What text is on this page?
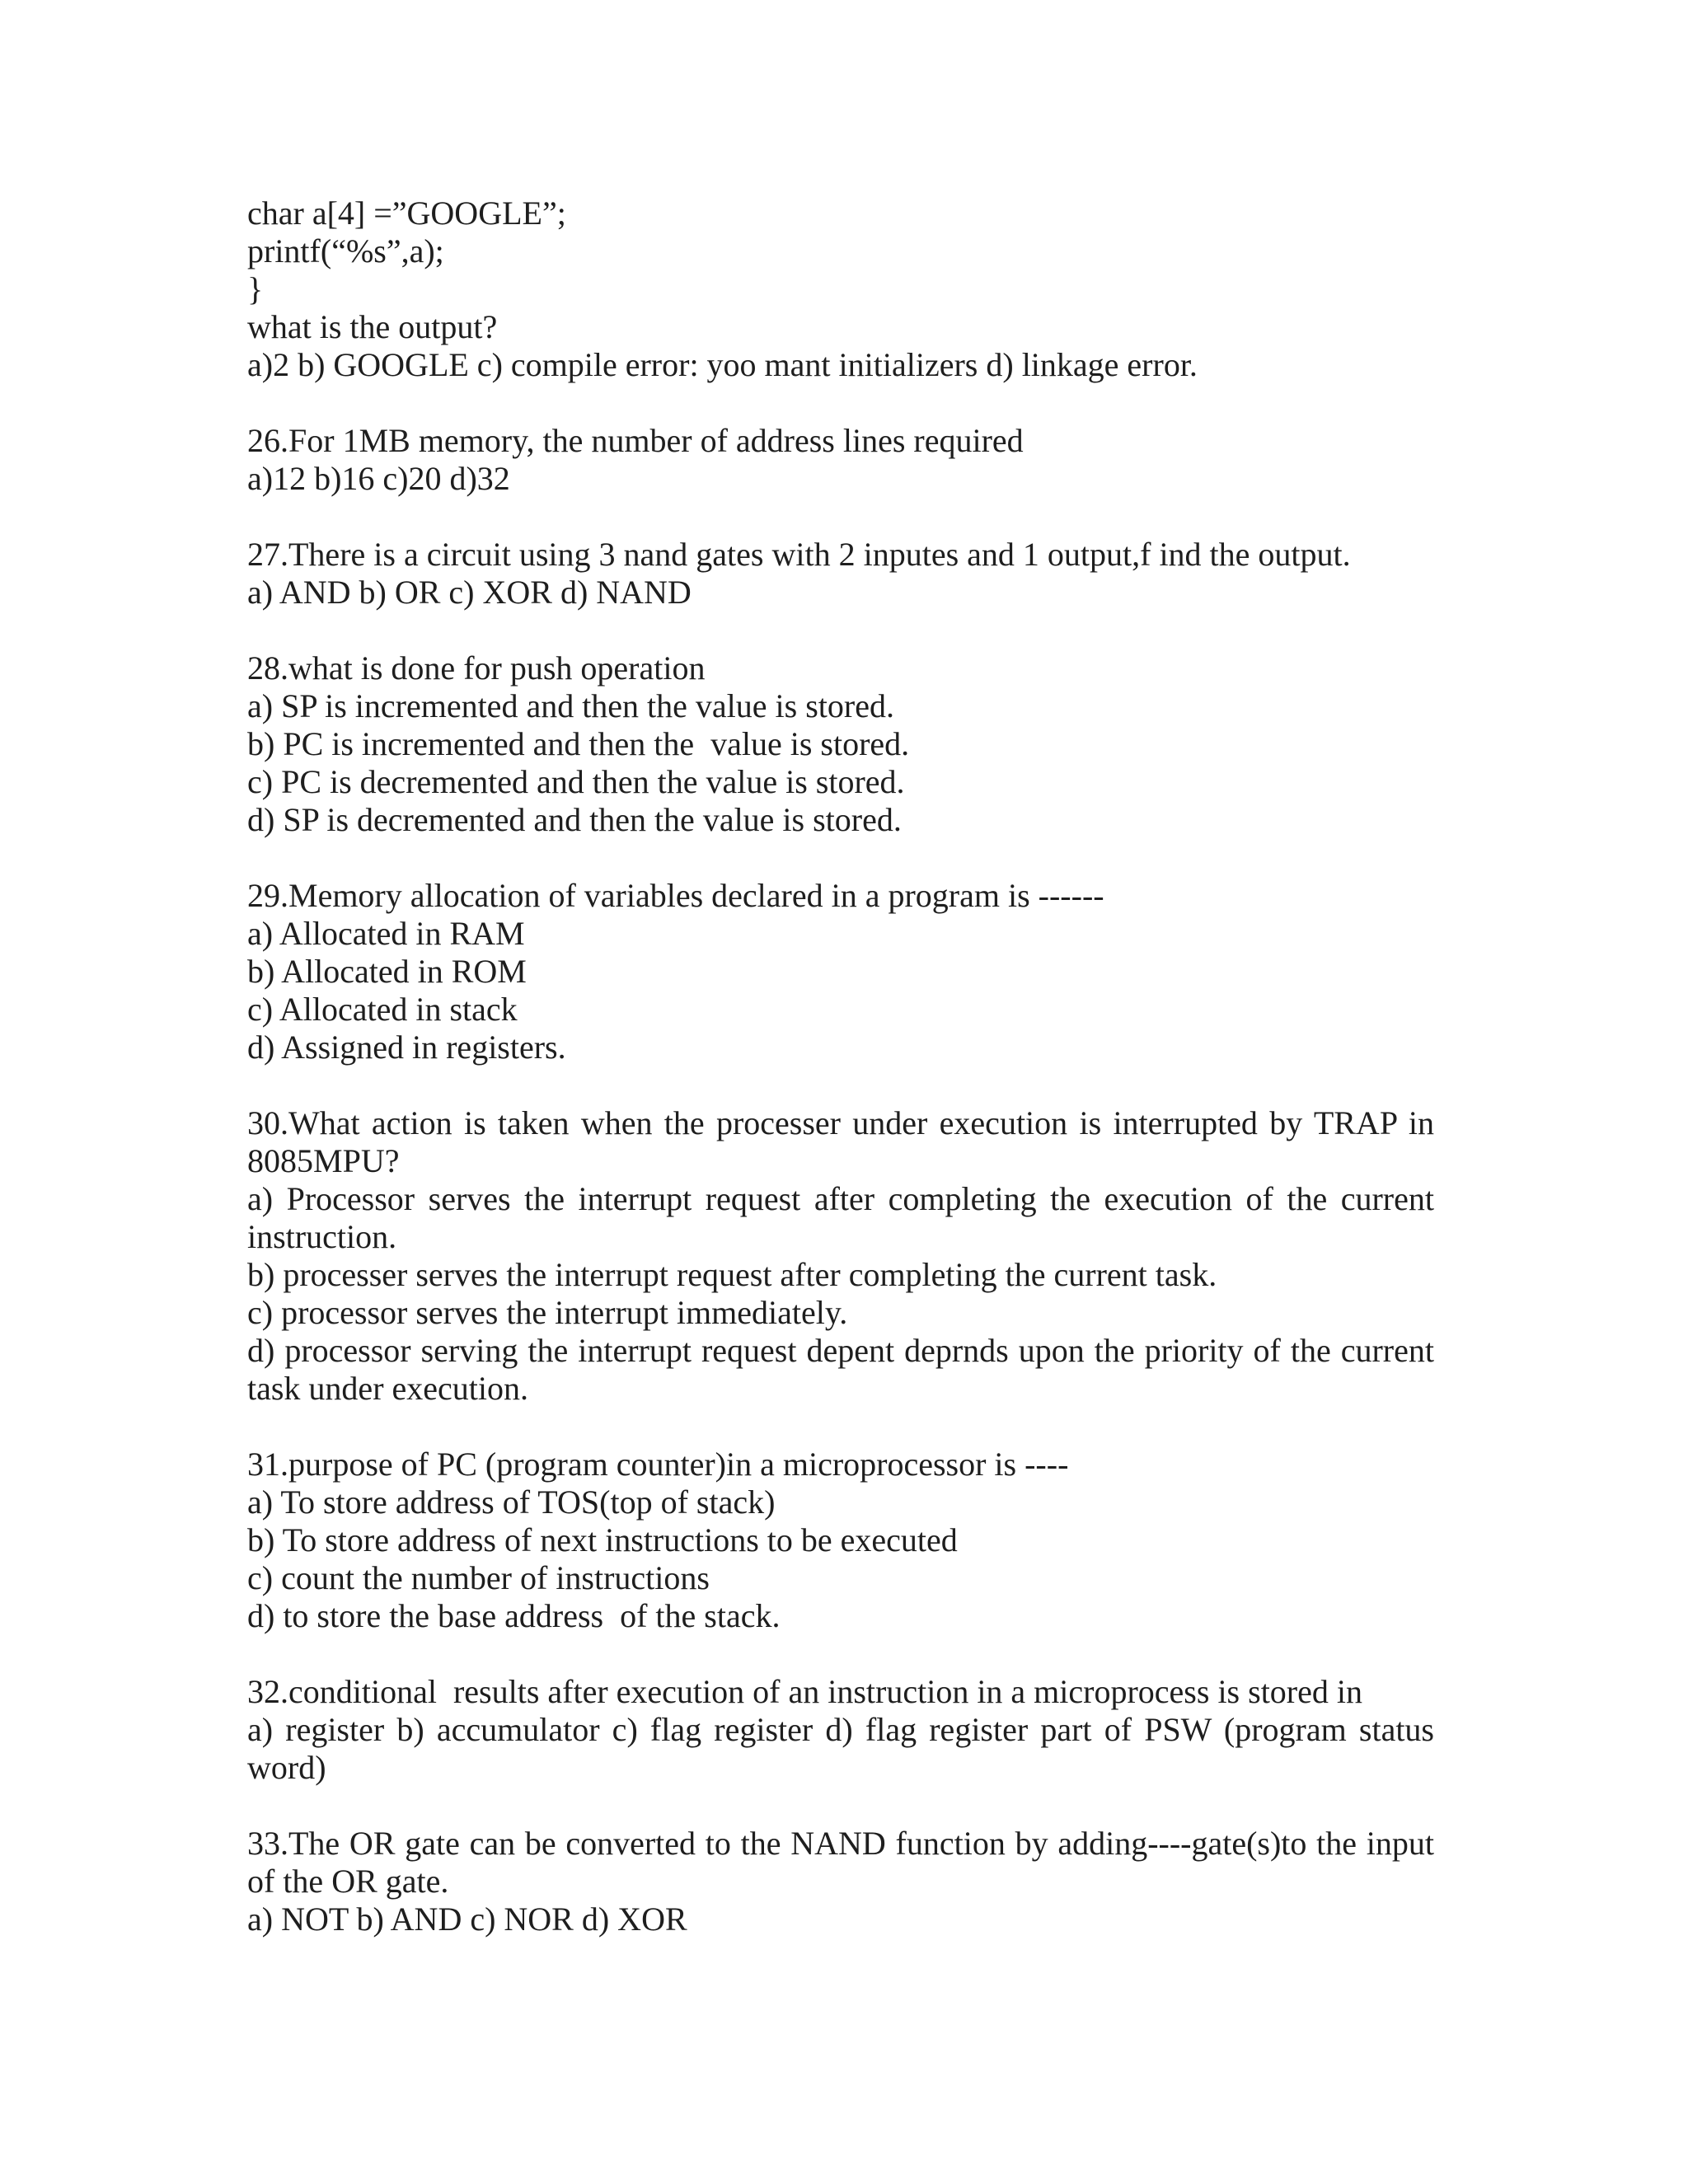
char a[4] =”GOOGLE”;
printf(“%s”,a);
}
what is the output?
a)2 b) GOOGLE c) compile error: yoo mant initializers d) linkage error.
26.For 1MB memory, the number of address lines required
a)12 b)16 c)20 d)32
27.There is a circuit using 3 nand gates with 2 inputes and 1 output,f ind the output.
a) AND b) OR c) XOR d) NAND
28.what is done for push operation
a) SP is incremented and then the value is stored.
b) PC is incremented and then the  value is stored.
c) PC is decremented and then the value is stored.
d) SP is decremented and then the value is stored.
29.Memory allocation of variables declared in a program is ------
a) Allocated in RAM
b) Allocated in ROM
c) Allocated in stack
d) Assigned in registers.
30.What action is taken when the processer under execution is interrupted by TRAP in 8085MPU?
a) Processor serves the interrupt request after completing the execution of the current instruction.
b) processer serves the interrupt request after completing the current task.
c) processor serves the interrupt immediately.
d) processor serving the interrupt request depent deprnds upon the priority of the current task under execution.
31.purpose of PC (program counter)in a microprocessor is ----
a) To store address of TOS(top of stack)
b) To store address of next instructions to be executed
c) count the number of instructions
d) to store the base address  of the stack.
32.conditional  results after execution of an instruction in a microprocess is stored in
a) register b) accumulator c) flag register d) flag register part of PSW (program status word)
33.The OR gate can be converted to the NAND function by adding----gate(s)to the input of the OR gate.
a) NOT b) AND c) NOR d) XOR
